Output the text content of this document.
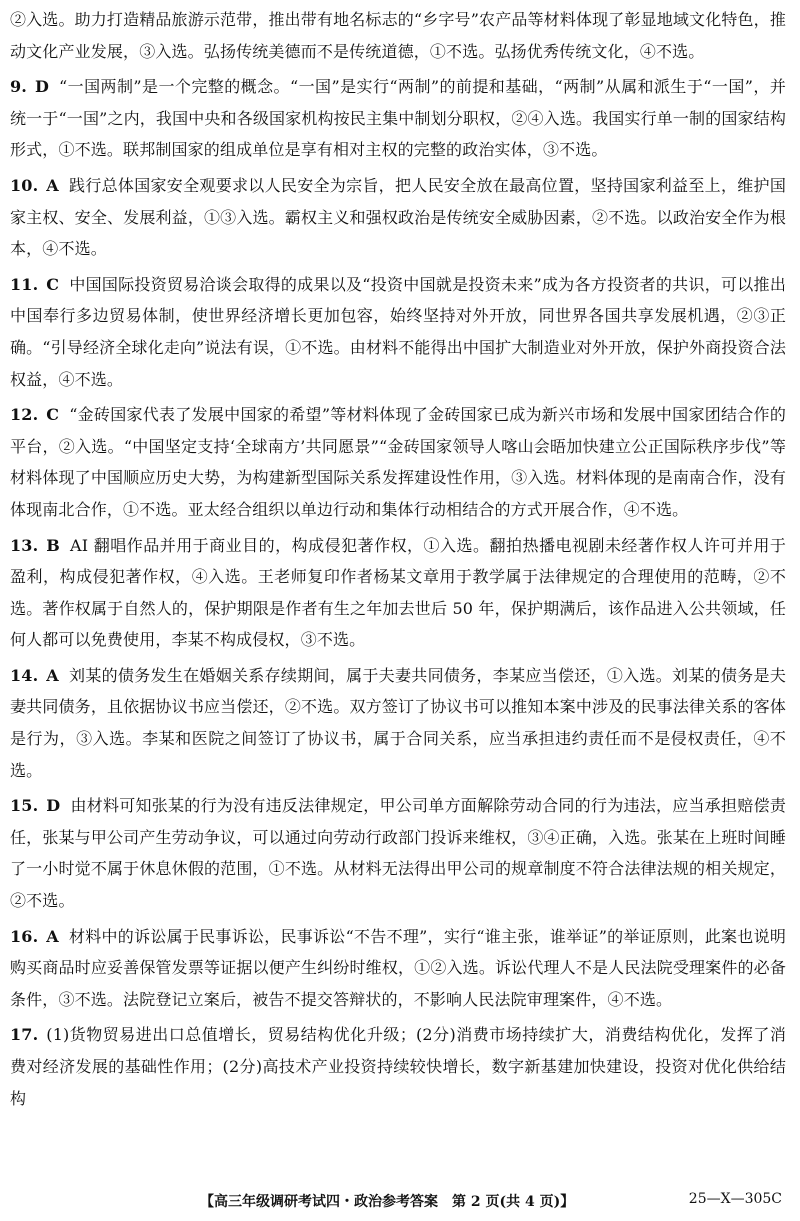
②入选。助力打造精品旅游示范带，推出带有地名标志的“乡字号”农产品等材料体现了彰显地域文化特色，推动文化产业发展，③入选。弘扬传统美德而不是传统道德，①不选。弘扬优秀传统文化，④不选。

9. D “一国两制”是一个完整的概念。“一国”是实行“两制”的前提和基础，“两制”从属和派生于“一国”，并统一于“一国”之内，我国中央和各级国家机构按民主集中制划分职权，②④入选。我国实行单一制的国家结构形式，①不选。联邦制国家的组成单位是享有相对主权的完整的政治实体，③不选。

10. A 践行总体国家安全观要求以人民安全为宗旨，把人民安全放在最高位置，坚持国家利益至上，维护国家主权、安全、发展利益，①③入选。霸权主义和强权政治是传统安全威胁因素，②不选。以政治安全作为根本，④不选。

11. C 中国国际投资贸易洽谈会取得的成果以及“投资中国就是投资未来”成为各方投资者的共识，可以推出中国奉行多边贸易体制，使世界经济增长更加包容，始终坚持对外开放，同世界各国共享发展机遇，②③正确。“引导经济全球化走向”说法有误，①不选。由材料不能得出中国扩大制造业对外开放，保护外商投资合法权益，④不选。

12. C “金砖国家代表了发展中国家的希望”等材料体现了金砖国家已成为新兴市场和发展中国家团结合作的平台，②入选。“中国坚定支持‘全球南方’共同愿景”“金砖国家领导人喀山会晤加快建立公正国际秩序步伐”等材料体现了中国顺应历史大势，为构建新型国际关系发挥建设性作用，③入选。材料体现的是南南合作，没有体现南北合作，①不选。亚太经合组织以单边行动和集体行动相结合的方式开展合作，④不选。

13. B AI 翻唱作品并用于商业目的，构成侵犯著作权，①入选。翻拍热播电视剧未经著作权人许可并用于盈利，构成侵犯著作权，④入选。王老师复印作者杨某文章用于教学属于法律规定的合理使用的范畴，②不选。著作权属于自然人的，保护期限是作者有生之年加去世后 50 年，保护期满后，该作品进入公共领域，任何人都可以免费使用，李某不构成侵权，③不选。

14. A 刘某的债务发生在婚姻关系存续期间，属于夫妻共同债务，李某应当偿还，①入选。刘某的债务是夫妻共同债务，且依据协议书应当偿还，②不选。双方签订了协议书可以推知本案中涉及的民事法律关系的客体是行为，③入选。李某和医院之间签订了协议书，属于合同关系，应当承担违约责任而不是侵权责任，④不选。

15. D 由材料可知张某的行为没有违反法律规定，甲公司单方面解除劳动合同的行为违法，应当承担赔偿责任，张某与甲公司产生劳动争议，可以通过向劳动行政部门投诉来维权，③④正确，入选。张某在上班时间睡了一小时觉不属于休息休假的范围，①不选。从材料无法得出甲公司的规章制度不符合法律法规的相关规定，②不选。

16. A 材料中的诉讼属于民事诉讼，民事诉讼“不告不理”，实行“谁主张，谁举证”的举证原则，此案也说明购买商品时应妥善保管发票等证据以便产生纠纷时维权，①②入选。诉讼代理人不是人民法院受理案件的必备条件，③不选。法院登记立案后，被告不提交答辩状的，不影响人民法院审理案件，④不选。

17. (1)货物贸易进出口总值增长，贸易结构优化升级；(2分)消费市场持续扩大，消费结构优化，发挥了消费对经济发展的基础性作用；(2分)高技术产业投资持续较快增长，数字新基建加快建设，投资对优化供给结构

【高三年级调研考试四・政治参考答案　第 2 页(共 4 页)】	25—X—305C
